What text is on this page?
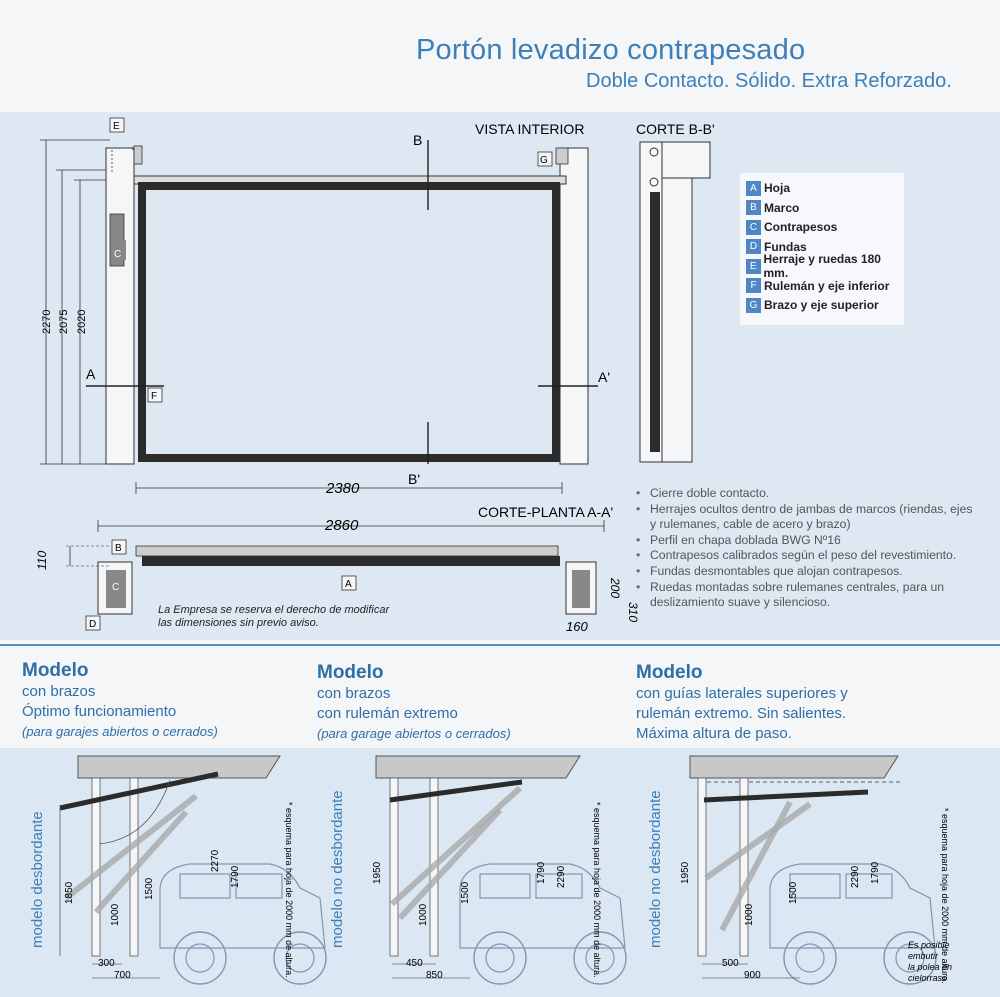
Portón levadizo contrapesado
Doble Contacto. Sólido. Extra Reforzado.
VISTA INTERIOR	CORTE B-B'
2270 2075 2020
C
B
B'
A	A'
E
F
G
2380
CORTE-PLANTA A-A'
2860
C
B
A
D
110
310
200
160
A Hoja
B Marco
C Contrapesos
D Fundas
E Herraje y ruedas 180 mm.
F Rulemán y eje inferior
G Brazo y eje superior
• Cierre doble contacto.
• Herrajes ocultos dentro de jambas de marcos (riendas, ejes y rulemanes, cable de acero y brazo)
• Perfil en chapa doblada BWG Nº16
• Contrapesos calibrados según el peso del revestimiento.
• Fundas desmontables que alojan contrapesos.
• Ruedas montadas sobre rulemanes centrales, para un deslizamiento suave y silencioso.
La Empresa se reserva el derecho de modificar
las dimensiones sin previo aviso.
Modelo
con brazos
Óptimo funcionamiento
(para garajes abiertos o cerrados)
Modelo
con brazos
con rulemán extremo
(para garage abiertos o cerrados)
Modelo
con guías laterales superiores y
rulemán extremo. Sin salientes.
Máxima altura de paso.
modelo desbordante 1850
1000
1500
2270
1790
300
700	* esquema para hoja de 2000 mm de altura. modelo no desbordante	1950
1000
1500
1790 2290
450
850	* esquema para hoja de 2000 mm de altura.	modelo no desbordante 1950
1000
1500
2290 1790
500
900	* esquema para hoja de 2000 mm de altura.
Es posible
embutir
la polea en
cielorraso
